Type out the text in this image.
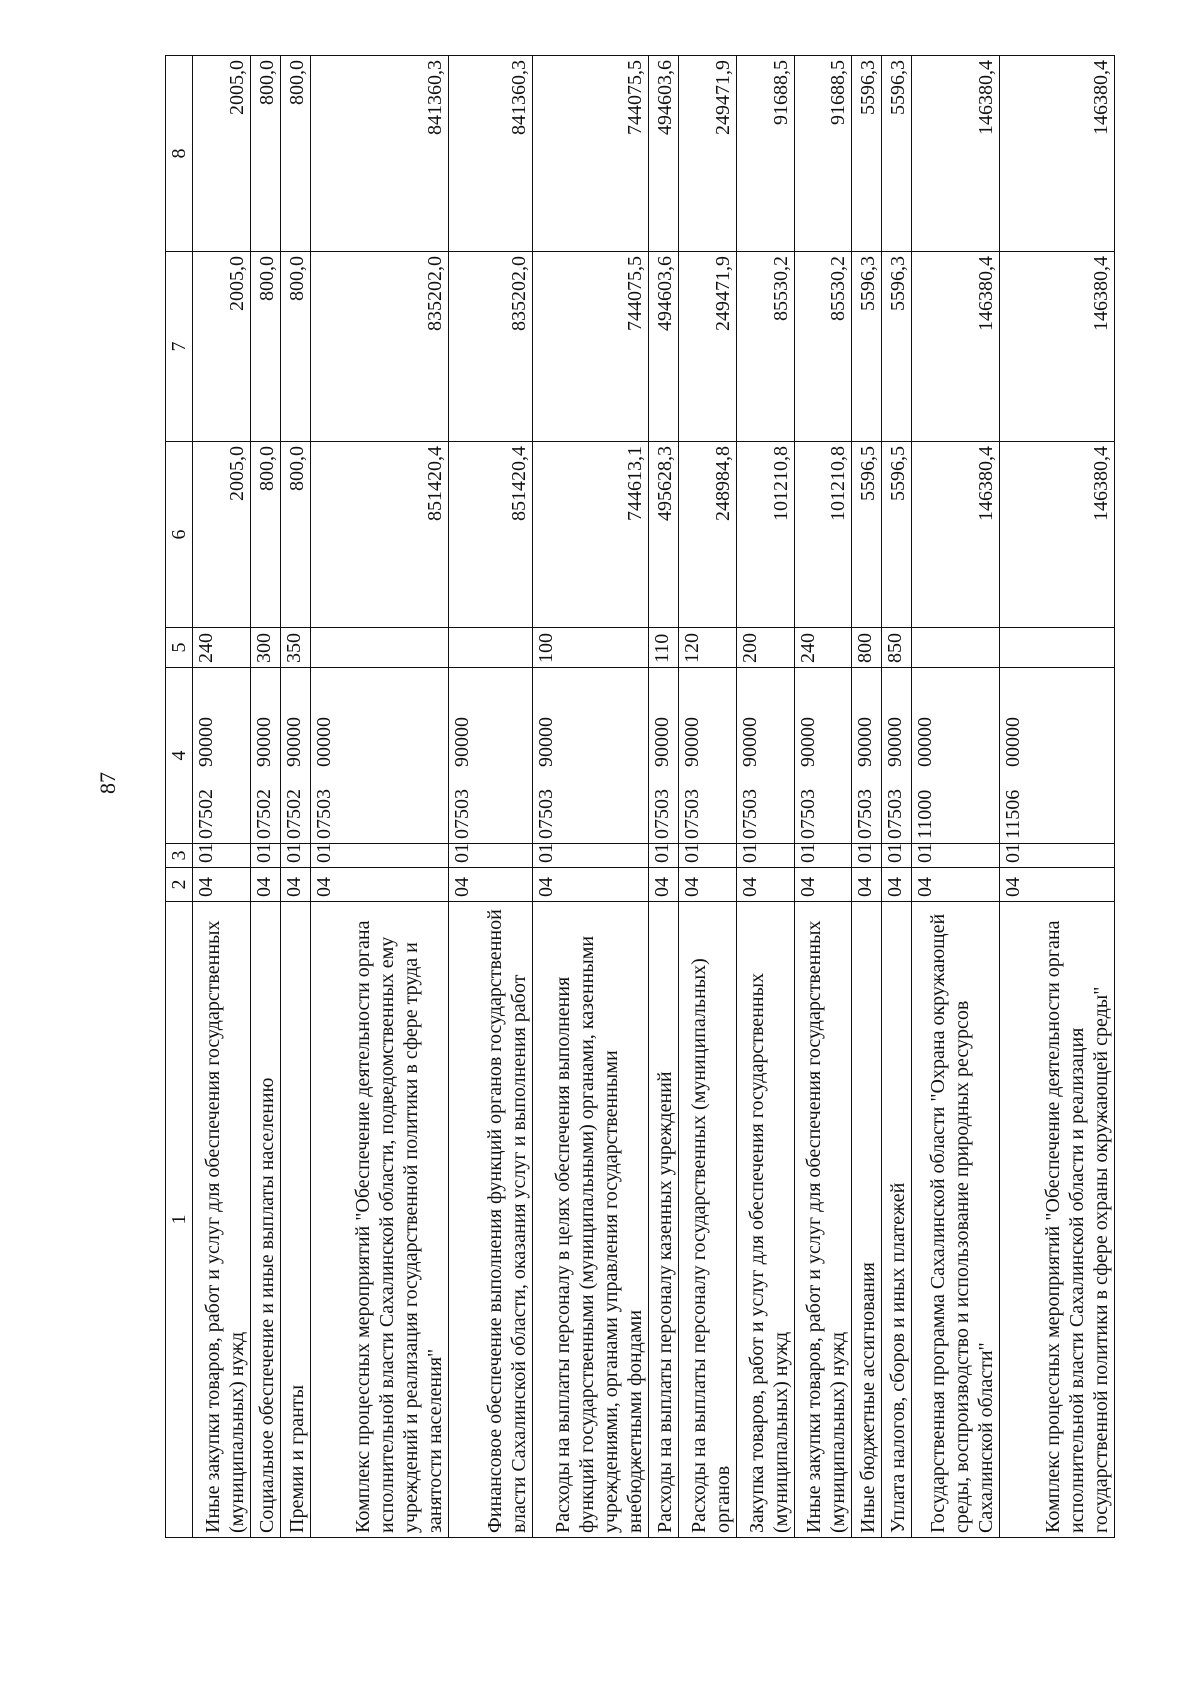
87
1	2	3	4	5	6	7	8
Иные закупки товаров, работ и услуг для обеспечения государственных (муниципальных) нужд	04	01	0750290000	240	2005,0	2005,0	2005,0
Социальное обеспечение и иные выплаты населению	04	01	0750290000	300	800,0	800,0	800,0
Премии и гранты	04	01	0750290000	350	800,0	800,0	800,0
Комплекс процессных мероприятий "Обеспечение деятельности органа исполнительной власти Сахалинской области, подведомственных ему учреждений и реализация государственной политики в сфере труда и занятости населения"	04	01	0750300000		851420,4	835202,0	841360,3
Финансовое обеспечение выполнения функций органов государственной власти Сахалинской области, оказания услуг и выполнения работ	04	01	0750390000		851420,4	835202,0	841360,3
Расходы на выплаты персоналу в целях обеспечения выполнения функций государственными (муниципальными) органами, казенными учреждениями, органами управления государственными внебюджетными фондами	04	01	0750390000	100	744613,1	744075,5	744075,5
Расходы на выплаты персоналу казенных учреждений	04	01	0750390000	110	495628,3	494603,6	494603,6
Расходы на выплаты персоналу государственных (муниципальных) органов	04	01	0750390000	120	248984,8	249471,9	249471,9
Закупка товаров, работ и услуг для обеспечения государственных (муниципальных) нужд	04	01	0750390000	200	101210,8	85530,2	91688,5
Иные закупки товаров, работ и услуг для обеспечения государственных (муниципальных) нужд	04	01	0750390000	240	101210,8	85530,2	91688,5
Иные бюджетные ассигнования	04	01	0750390000	800	5596,5	5596,3	5596,3
Уплата налогов, сборов и иных платежей	04	01	0750390000	850	5596,5	5596,3	5596,3
Государственная программа Сахалинской области "Охрана окружающей среды, воспроизводство и использование природных ресурсов Сахалинской области"	04	01	1100000000		146380,4	146380,4	146380,4
Комплекс процессных мероприятий "Обеспечение деятельности органа исполнительной власти Сахалинской области и реализация государственной политики в сфере охраны окружающей среды"	04	01	1150600000		146380,4	146380,4	146380,4
